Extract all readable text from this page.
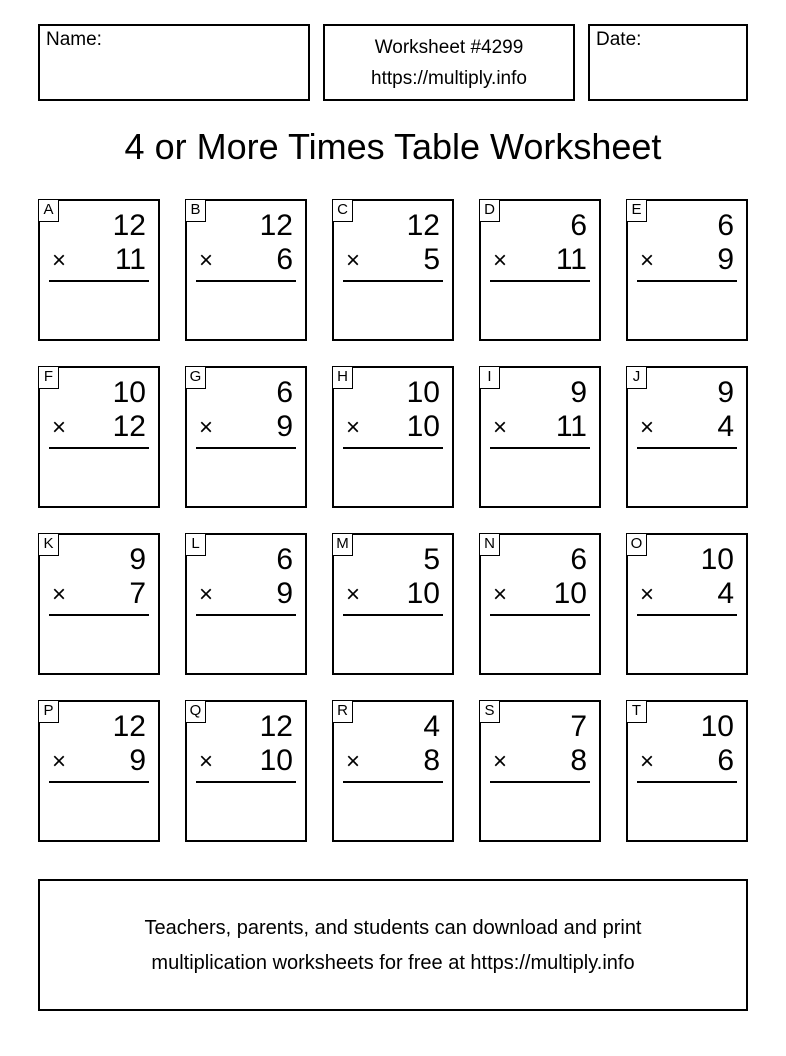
Name:	Worksheet #4299
https://multiply.info
Date:
4 or More Times Table Worksheet
A 12
× 11
B 12
× 6
C 12
× 5
D	6
× 11
E	6
× 9
F 10
× 12
G 6
× 9
H 10
× 10
I	9
× 11
J	9
× 4
K	9
× 7
L	6
× 9
M 5
× 10
N	6
× 10
O 10
× 4
P 12
× 9
Q 12
× 10
R	4
× 8
S	7
× 8
T 10
× 6
Teachers, parents, and students can download and print
multiplication worksheets for free at https://multiply.info
